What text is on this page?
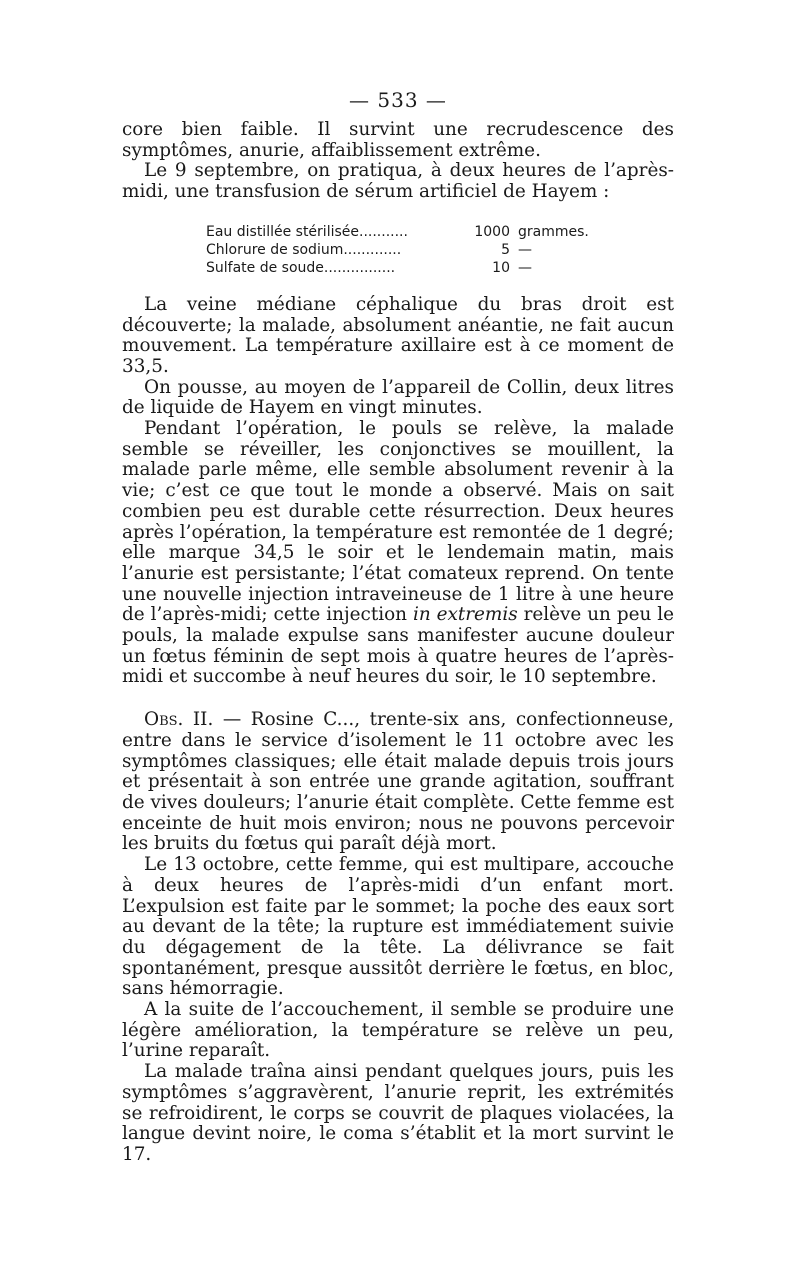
— 533 —

core bien faible. Il survint une recrudescence des symptômes, anurie, affaiblissement extrême.

Le 9 septembre, on pratiqua, à deux heures de l’après-midi, une transfusion de sérum artificiel de Hayem :

Eau distillée stérilisée...........	1000 grammes.
Chlorure de sodium.............	5 —
Sulfate de soude................	10 —

La veine médiane céphalique du bras droit est découverte; la malade, absolument anéantie, ne fait aucun mouvement. La température axillaire est à ce moment de 33,5.

On pousse, au moyen de l’appareil de Collin, deux litres de liquide de Hayem en vingt minutes.

Pendant l’opération, le pouls se relève, la malade semble se réveiller, les conjonctives se mouillent, la malade parle même, elle semble absolument revenir à la vie; c’est ce que tout le monde a observé. Mais on sait combien peu est durable cette résurrection. Deux heures après l’opération, la température est remontée de 1 degré; elle marque 34,5 le soir et le lendemain matin, mais l’anurie est persistante; l’état comateux reprend. On tente une nouvelle injection intraveineuse de 1 litre à une heure de l’après-midi; cette injection in extremis relève un peu le pouls, la malade expulse sans manifester aucune douleur un fœtus féminin de sept mois à quatre heures de l’après-midi et succombe à neuf heures du soir, le 10 septembre.

Obs. II. — Rosine C..., trente-six ans, confectionneuse, entre dans le service d’isolement le 11 octobre avec les symptômes classiques; elle était malade depuis trois jours et présentait à son entrée une grande agitation, souffrant de vives douleurs; l’anurie était complète. Cette femme est enceinte de huit mois environ; nous ne pouvons percevoir les bruits du fœtus qui paraît déjà mort.

Le 13 octobre, cette femme, qui est multipare, accouche à deux heures de l’après-midi d’un enfant mort. L’expulsion est faite par le sommet; la poche des eaux sort au devant de la tête; la rupture est immédiatement suivie du dégagement de la tête. La délivrance se fait spontanément, presque aussitôt derrière le fœtus, en bloc, sans hémorragie.

A la suite de l’accouchement, il semble se produire une légère amélioration, la température se relève un peu, l’urine reparaît.

La malade traîna ainsi pendant quelques jours, puis les symptômes s’aggravèrent, l’anurie reprit, les extrémités se refroidirent, le corps se couvrit de plaques violacées, la langue devint noire, le coma s’établit et la mort survint le 17.
